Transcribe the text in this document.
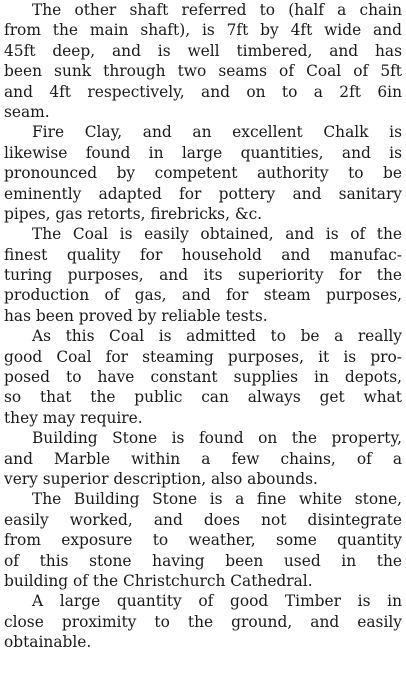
The other shaft referred to (half a chain
from the main shaft), is 7ft by 4ft wide and
45ft deep, and is well timbered, and has
been sunk through two seams of Coal of 5ft
and 4ft respectively, and on to a 2ft 6in
seam.
Fire Clay, and an excellent Chalk is
likewise found in large quantities, and is
pronounced by competent authority to be
eminently adapted for pottery and sanitary
pipes, gas retorts, firebricks, &c.
The Coal is easily obtained, and is of the
finest quality for household and manufac-
turing purposes, and its superiority for the
production of gas, and for steam purposes,
has been proved by reliable tests.
As this Coal is admitted to be a really
good Coal for steaming purposes, it is pro-
posed to have constant supplies in depots,
so that the public can always get what
they may require.
Building Stone is found on the property,
and Marble within a few chains, of a
very superior description, also abounds.
The Building Stone is a fine white stone,
easily worked, and does not disintegrate
from exposure to weather, some quantity
of this stone having been used in the
building of the Christchurch Cathedral.
A large quantity of good Timber is in
close proximity to the ground, and easily
obtainable.
